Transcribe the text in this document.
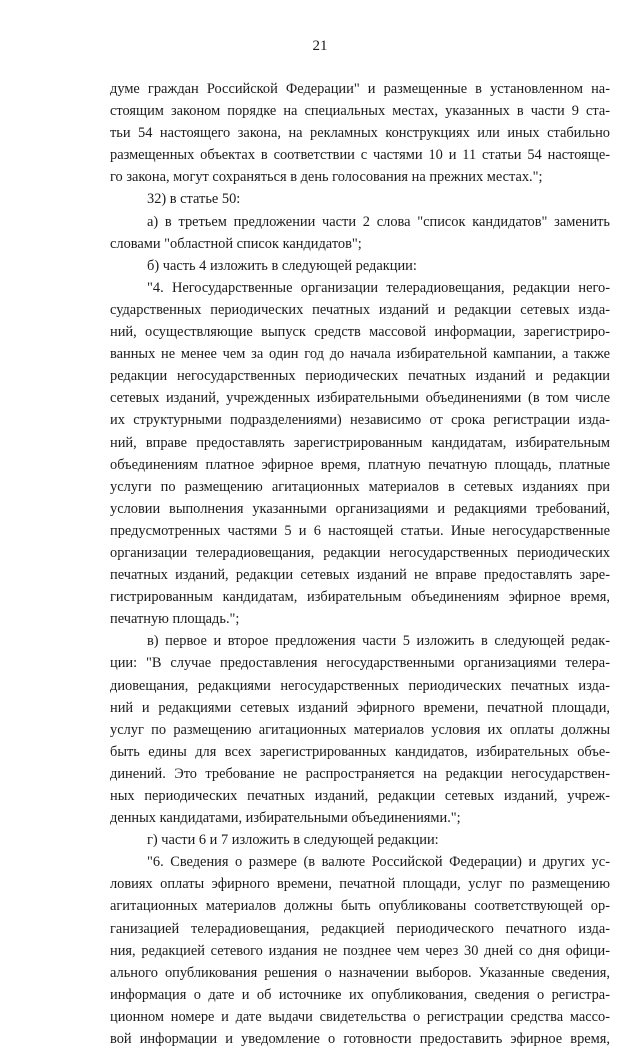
21
думе граждан Российской Федерации" и размещенные в установленном на-
стоящим законом порядке на специальных местах, указанных в части 9 ста-
тьи 54 настоящего закона, на рекламных конструкциях или иных стабильно
размещенных объектах в соответствии с частями 10 и 11 статьи 54 настояще-
го закона, могут сохраняться в день голосования на прежних местах.";
32) в статье 50:
а) в третьем предложении части 2 слова "список кандидатов" заменить
словами "областной список кандидатов";
б) часть 4 изложить в следующей редакции:
"4. Негосударственные организации телерадиовещания, редакции него-
сударственных периодических печатных изданий и редакции сетевых изда-
ний, осуществляющие выпуск средств массовой информации, зарегистриро-
ванных не менее чем за один год до начала избирательной кампании, а также
редакции негосударственных периодических печатных изданий и редакции
сетевых изданий, учрежденных избирательными объединениями (в том числе
их структурными подразделениями) независимо от срока регистрации изда-
ний, вправе предоставлять зарегистрированным кандидатам, избирательным
объединениям платное эфирное время, платную печатную площадь, платные
услуги по размещению агитационных материалов в сетевых изданиях при
условии выполнения указанными организациями и редакциями требований,
предусмотренных частями 5 и 6 настоящей статьи. Иные негосударственные
организации телерадиовещания, редакции негосударственных периодических
печатных изданий, редакции сетевых изданий не вправе предоставлять заре-
гистрированным кандидатам, избирательным объединениям эфирное время,
печатную площадь.";
в) первое и второе предложения части 5 изложить в следующей редак-
ции: "В случае предоставления негосударственными организациями телера-
диовещания, редакциями негосударственных периодических печатных изда-
ний и редакциями сетевых изданий эфирного времени, печатной площади,
услуг по размещению агитационных материалов условия их оплаты должны
быть едины для всех зарегистрированных кандидатов, избирательных объе-
динений. Это требование не распространяется на редакции негосударствен-
ных периодических печатных изданий, редакции сетевых изданий, учреж-
денных кандидатами, избирательными объединениями.";
г) части 6 и 7 изложить в следующей редакции:
"6. Сведения о размере (в валюте Российской Федерации) и других ус-
ловиях оплаты эфирного времени, печатной площади, услуг по размещению
агитационных материалов должны быть опубликованы соответствующей ор-
ганизацией телерадиовещания, редакцией периодического печатного изда-
ния, редакцией сетевого издания не позднее чем через 30 дней со дня офици-
ального опубликования решения о назначении выборов. Указанные сведения,
информация о дате и об источнике их опубликования, сведения о регистра-
ционном номере и дате выдачи свидетельства о регистрации средства массо-
вой информации и уведомление о готовности предоставить эфирное время,
